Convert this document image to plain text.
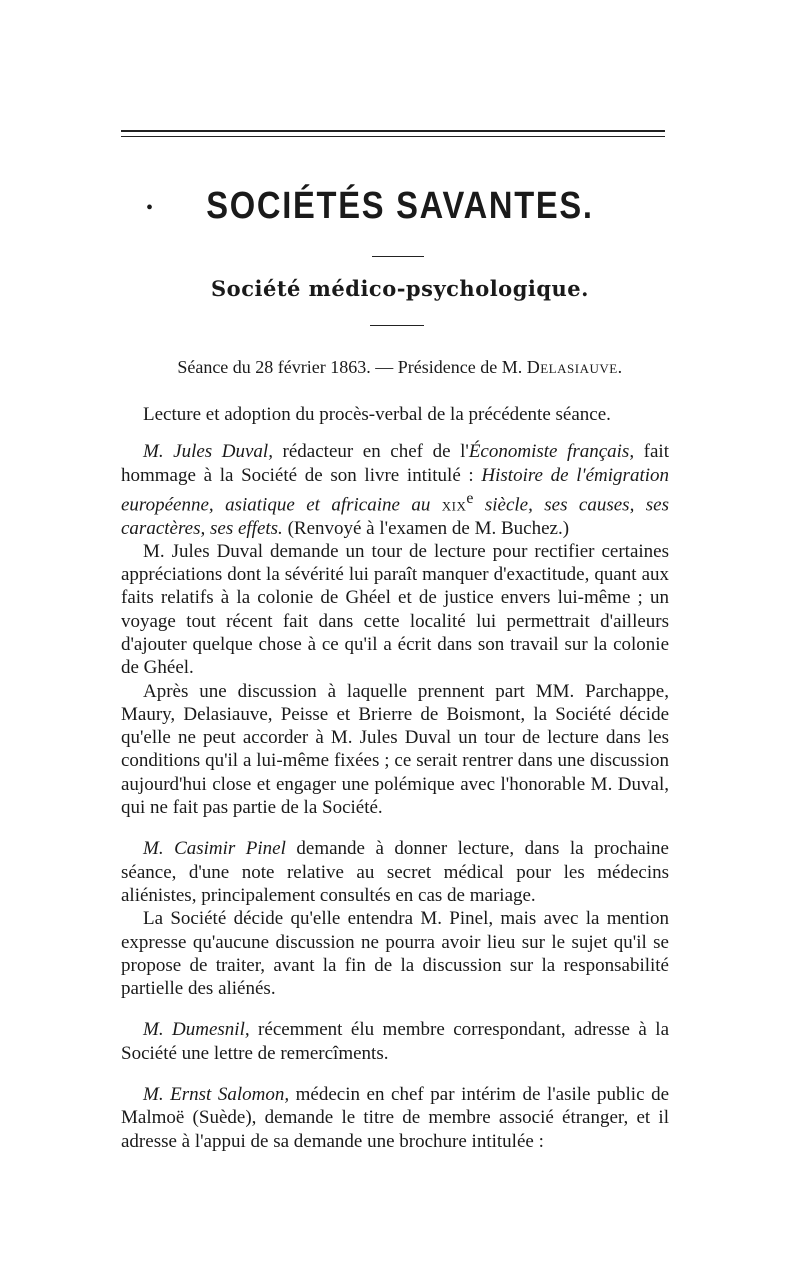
•	SOCIÉTÉS SAVANTES.
Société médico-psychologique.
Séance du 28 février 1863. — Présidence de M. Delasiauve.

Lecture et adoption du procès-verbal de la précédente séance.

M. Jules Duval, rédacteur en chef de l'Économiste français, fait hommage à la Société de son livre intitulé : Histoire de l'émigration européenne, asiatique et africaine au xix$^e$ siècle, ses causes, ses caractères, ses effets. (Renvoyé à l'examen de M. Buchez.)

M. Jules Duval demande un tour de lecture pour rectifier certaines appréciations dont la sévérité lui paraît manquer d'exactitude, quant aux faits relatifs à la colonie de Ghéel et de justice envers lui-même ; un voyage tout récent fait dans cette localité lui permettrait d'ailleurs d'ajouter quelque chose à ce qu'il a écrit dans son travail sur la colonie de Ghéel.

Après une discussion à laquelle prennent part MM. Parchappe, Maury, Delasiauve, Peisse et Brierre de Boismont, la Société décide qu'elle ne peut accorder à M. Jules Duval un tour de lecture dans les conditions qu'il a lui-même fixées ; ce serait rentrer dans une discussion aujourd'hui close et engager une polémique avec l'honorable M. Duval, qui ne fait pas partie de la Société.

M. Casimir Pinel demande à donner lecture, dans la prochaine séance, d'une note relative au secret médical pour les médecins aliénistes, principalement consultés en cas de mariage.

La Société décide qu'elle entendra M. Pinel, mais avec la mention expresse qu'aucune discussion ne pourra avoir lieu sur le sujet qu'il se propose de traiter, avant la fin de la discussion sur la responsabilité partielle des aliénés.

M. Dumesnil, récemment élu membre correspondant, adresse à la Société une lettre de remercîments.

M. Ernst Salomon, médecin en chef par intérim de l'asile public de Malmoë (Suède), demande le titre de membre associé étranger, et il adresse à l'appui de sa demande une brochure intitulée :
